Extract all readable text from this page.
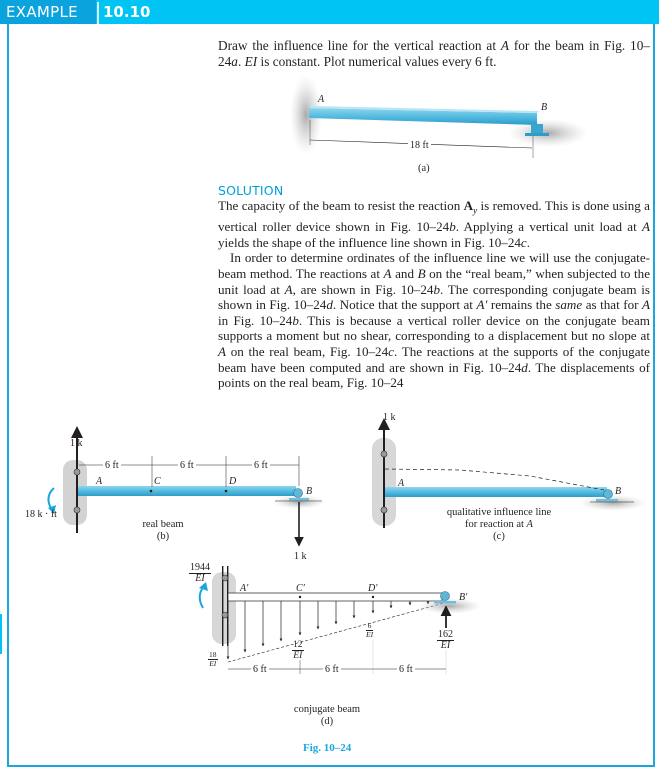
EXAMPLE	10.10
Draw the influence line for the vertical reaction at A for the beam in Fig. 10–24a. EI is constant. Plot numerical values every 6 ft.
A
B
18 ft
(a)
SOLUTION

The capacity of the beam to resist the reaction $A_y$ is removed. This is done using a vertical roller device shown in Fig. 10–24b. Applying a vertical unit load at A yields the shape of the influence line shown in Fig. 10–24c.

In order to determine ordinates of the influence line we will use the conjugate-beam method. The reactions at A and B on the “real beam,” when subjected to the unit load at A, are shown in Fig. 10–24b. The corresponding conjugate beam is shown in Fig. 10–24d. Notice that the support at A′ remains the same as that for A in Fig. 10–24b. This is because a vertical roller device on the conjugate beam supports a moment but no shear, corresponding to a displacement but no slope at A on the real beam, Fig. 10–24c. The reactions at the supports of the conjugate beam have been computed and are shown in Fig. 10–24d. The displacements of points on the real beam, Fig. 10–24

1 k
6 ft	6 ft	6 ft
A	C	D
B
18 k · ft
real beam
(b)
1 k
1 k
A
B
qualitative influence line
for reaction at A
(c)
$\frac{1944}{EI}$
A′	C′	D′
B′
$\frac{6}{EI}$
$\frac{12}{EI}$
$\frac{18}{EI}$
$\frac{162}{EI}$
6 ft	6 ft	6 ft
conjugate beam
(d)
Fig. 10–24
